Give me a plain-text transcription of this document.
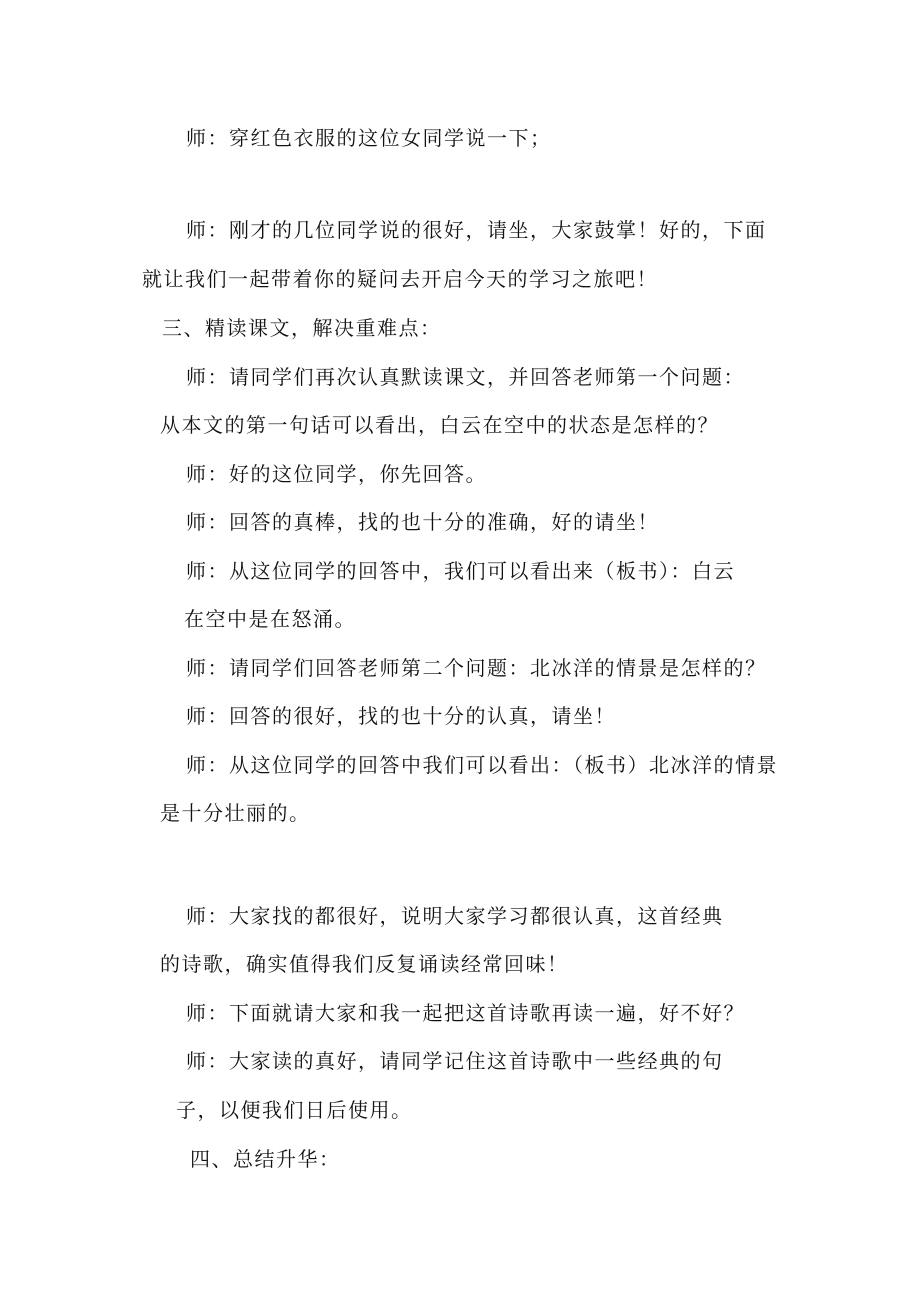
师：穿红色衣服的这位女同学说一下；
师：刚才的几位同学说的很好，请坐，大家鼓掌！好的，下面
就让我们一起带着你的疑问去开启今天的学习之旅吧！
三、精读课文，解决重难点：
师：请同学们再次认真默读课文，并回答老师第一个问题：
从本文的第一句话可以看出，白云在空中的状态是怎样的？
师：好的这位同学，你先回答。
师：回答的真棒，找的也十分的准确，好的请坐！
师：从这位同学的回答中，我们可以看出来（板书）：白云
在空中是在怒涌。
师：请同学们回答老师第二个问题：北冰洋的情景是怎样的？
师：回答的很好，找的也十分的认真，请坐！
师：从这位同学的回答中我们可以看出：（板书）北冰洋的情景
是十分壮丽的。
师：大家找的都很好，说明大家学习都很认真，这首经典
的诗歌，确实值得我们反复诵读经常回味！
师：下面就请大家和我一起把这首诗歌再读一遍，好不好？
师：大家读的真好，请同学记住这首诗歌中一些经典的句
子，以便我们日后使用。
四、总结升华：
